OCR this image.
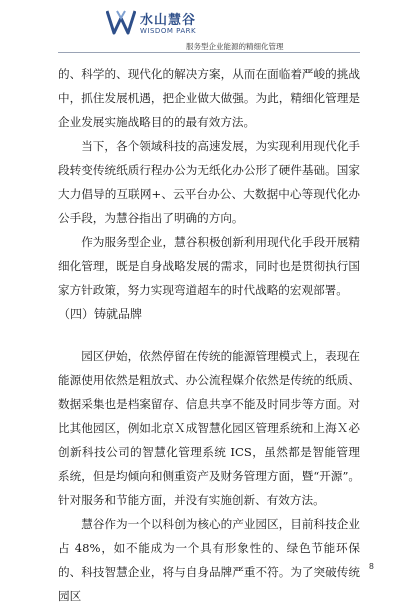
水山慧谷
WISDOM PARK
服务型企业能源的精细化管理

的、科学的、现代化的解决方案，从而在面临着严峻的挑战中，抓住发展机遇，把企业做大做强。为此，精细化管理是企业发展实施战略目的的最有效方法。

当下，各个领域科技的高速发展，为实现利用现代化手段转变传统纸质行程办公为无纸化办公形了硬件基础。国家大力倡导的互联网+、云平台办公、大数据中心等现代化办公手段，为慧谷指出了明确的方向。

作为服务型企业，慧谷积极创新利用现代化手段开展精细化管理，既是自身战略发展的需求，同时也是贯彻执行国家方针政策，努力实现弯道超车的时代战略的宏观部署。

（四）铸就品牌

园区伊始，依然停留在传统的能源管理模式上，表现在能源使用依然是粗放式、办公流程媒介依然是传统的纸质、数据采集也是档案留存、信息共享不能及时同步等方面。对比其他园区，例如北京Ｘ成智慧化园区管理系统和上海Ｘ必创新科技公司的智慧化管理系统 ICS，虽然都是智能管理系统，但是均倾向和侧重资产及财务管理方面，暨“开源”。针对服务和节能方面，并没有实施创新、有效方法。

慧谷作为一个以科创为核心的产业园区，目前科技企业占 48%，如不能成为一个具有形象性的、绿色节能环保的、科技智慧企业，将与自身品牌严重不符。为了突破传统园区

8
